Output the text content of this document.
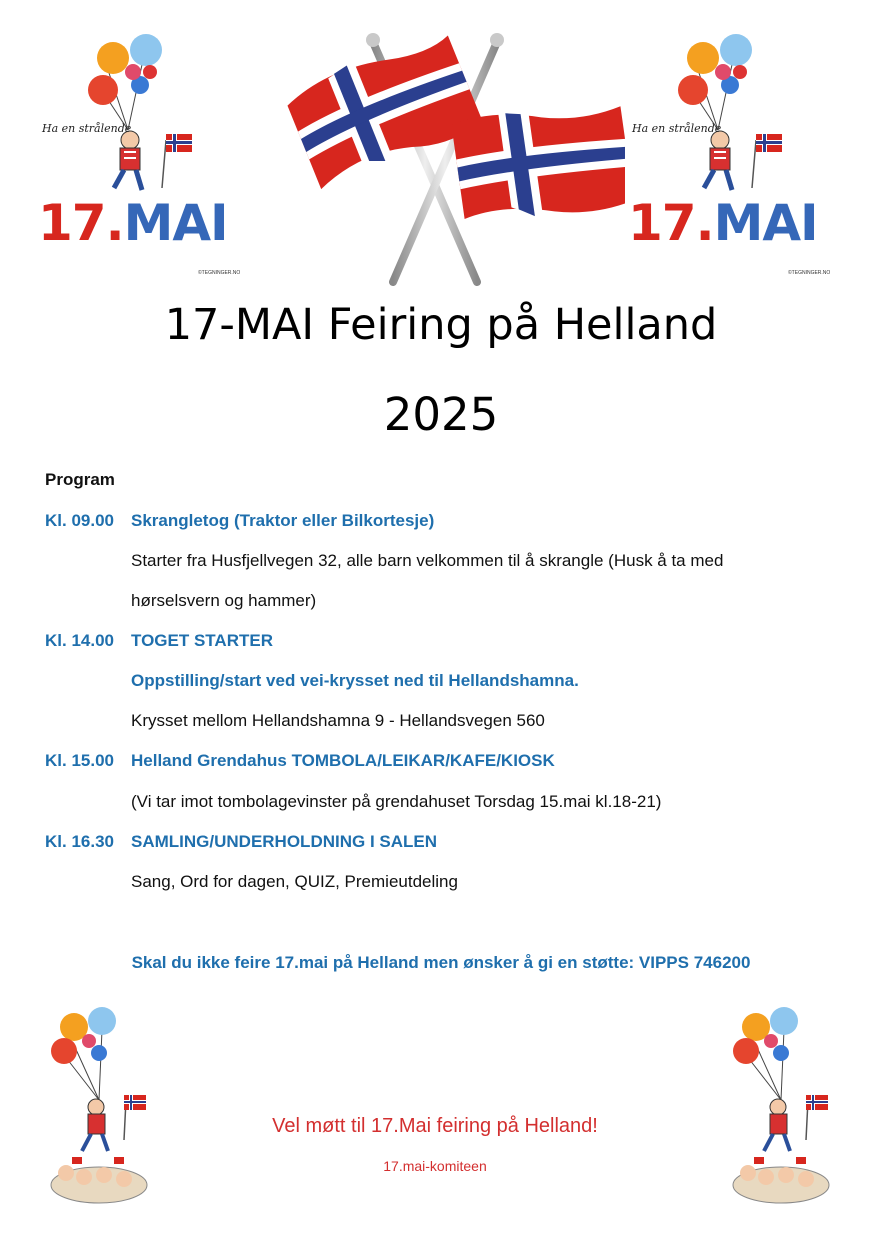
Ha en strålende
17.MAI
©TEGNINGER.NO
Ha en strålende
17.MAI
©TEGNINGER.NO
17-MAI Feiring på Helland
2025
Program
Kl. 09.00 Skrangletog (Traktor eller Bilkortesje)
Starter fra Husfjellvegen 32, alle barn velkommen til å skrangle (Husk å ta med
hørselsvern og hammer)
Kl. 14.00 TOGET STARTER
Oppstilling/start ved vei-krysset ned til Hellandshamna.
Krysset mellom Hellandshamna 9 - Hellandsvegen 560
Kl. 15.00 Helland Grendahus TOMBOLA/LEIKAR/KAFE/KIOSK
(Vi tar imot tombolagevinster på grendahuset Torsdag 15.mai kl.18-21)
Kl. 16.30 SAMLING/UNDERHOLDNING I SALEN
Sang, Ord for dagen, QUIZ, Premieutdeling
Skal du ikke feire 17.mai på Helland men ønsker å gi en støtte: VIPPS 746200
Vel møtt til 17.Mai feiring på Helland!
17.mai-komiteen
